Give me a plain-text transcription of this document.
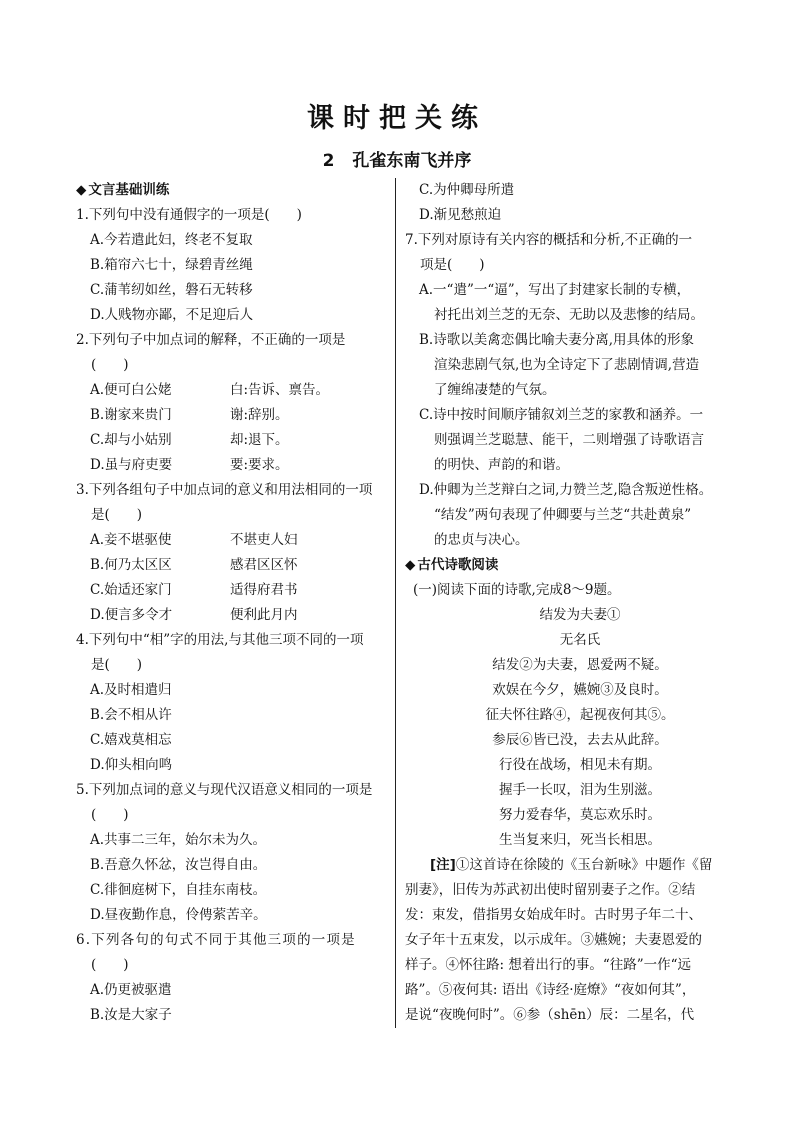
课时把关练
2 孔雀东南飞并序
◆ 文言基础训练
1.下列句中没有通假字的一项是(　　)
A.今若遣此妇，终老不复取
B.箱帘六七十，绿碧青丝绳
C.蒲苇纫如丝，磐石无转移
D.人贱物亦鄙，不足迎后人
2.下列句子中加点词的解释，不正确的一项是
(　　)
A.便可白公姥	白:告诉、禀告。
B.谢家来贵门	谢:辞别。
C.却与小姑别	却:退下。
D.虽与府吏要	要:要求。
3.下列各组句子中加点词的意义和用法相同的一项
是(　　)
A.妾不堪驱使	不堪吏人妇
B.何乃太区区	感君区区怀
C.始适还家门	适得府君书
D.便言多令才	便利此月内
4.下列句中“相”字的用法,与其他三项不同的一项
是(　　)
A.及时相遣归
B.会不相从许
C.嬉戏莫相忘
D.仰头相向鸣
5.下列加点词的意义与现代汉语意义相同的一项是
(　　)
A.共事二三年，始尔未为久。
B.吾意久怀忿，汝岂得自由。
C.徘徊庭树下，自挂东南枝。
D.昼夜勤作息，伶俜萦苦辛。
6.下列各句的句式不同于其他三项的一项是
(　　)
A.仍更被驱遣
B.汝是大家子
C.为仲卿母所遣
D.渐见愁煎迫
7.下列对原诗有关内容的概括和分析,不正确的一
项是(　　)
A.一“遣”一“逼”，写出了封建家长制的专横，
衬托出刘兰芝的无奈、无助以及悲惨的结局。
B.诗歌以美禽恋偶比喻夫妻分离,用具体的形象
渲染悲剧气氛,也为全诗定下了悲剧情调,营造
了缠绵凄楚的气氛。
C.诗中按时间顺序铺叙刘兰芝的家教和涵养。一
则强调兰芝聪慧、能干，二则增强了诗歌语言
的明快、声韵的和谐。
D.仲卿为兰芝辩白之词,力赞兰芝,隐含叛逆性格。
“结发”两句表现了仲卿要与兰芝“共赴黄泉”
的忠贞与决心。
◆ 古代诗歌阅读
(一)阅读下面的诗歌,完成8～9题。
结发为夫妻①
无名氏
结发②为夫妻，恩爱两不疑。
欢娱在今夕，嬿婉③及良时。
征夫怀往路④，起视夜何其⑤。
参辰⑥皆已没，去去从此辞。
行役在战场，相见未有期。
握手一长叹，泪为生别滋。
努力爱春华，莫忘欢乐时。
生当复来归，死当长相思。
[注]①这首诗在徐陵的《玉台新咏》中题作《留
别妻》，旧传为苏武初出使时留别妻子之作。②结
发：束发，借指男女始成年时。古时男子年二十、
女子年十五束发，以示成年。③嬿婉；夫妻恩爱的
样子。④怀往路: 想着出行的事。“往路”一作“远
路”。⑤夜何其: 语出《诗经·庭燎》“夜如何其”，
是说“夜晚何时”。⑥参（shēn）辰：二星名，代
